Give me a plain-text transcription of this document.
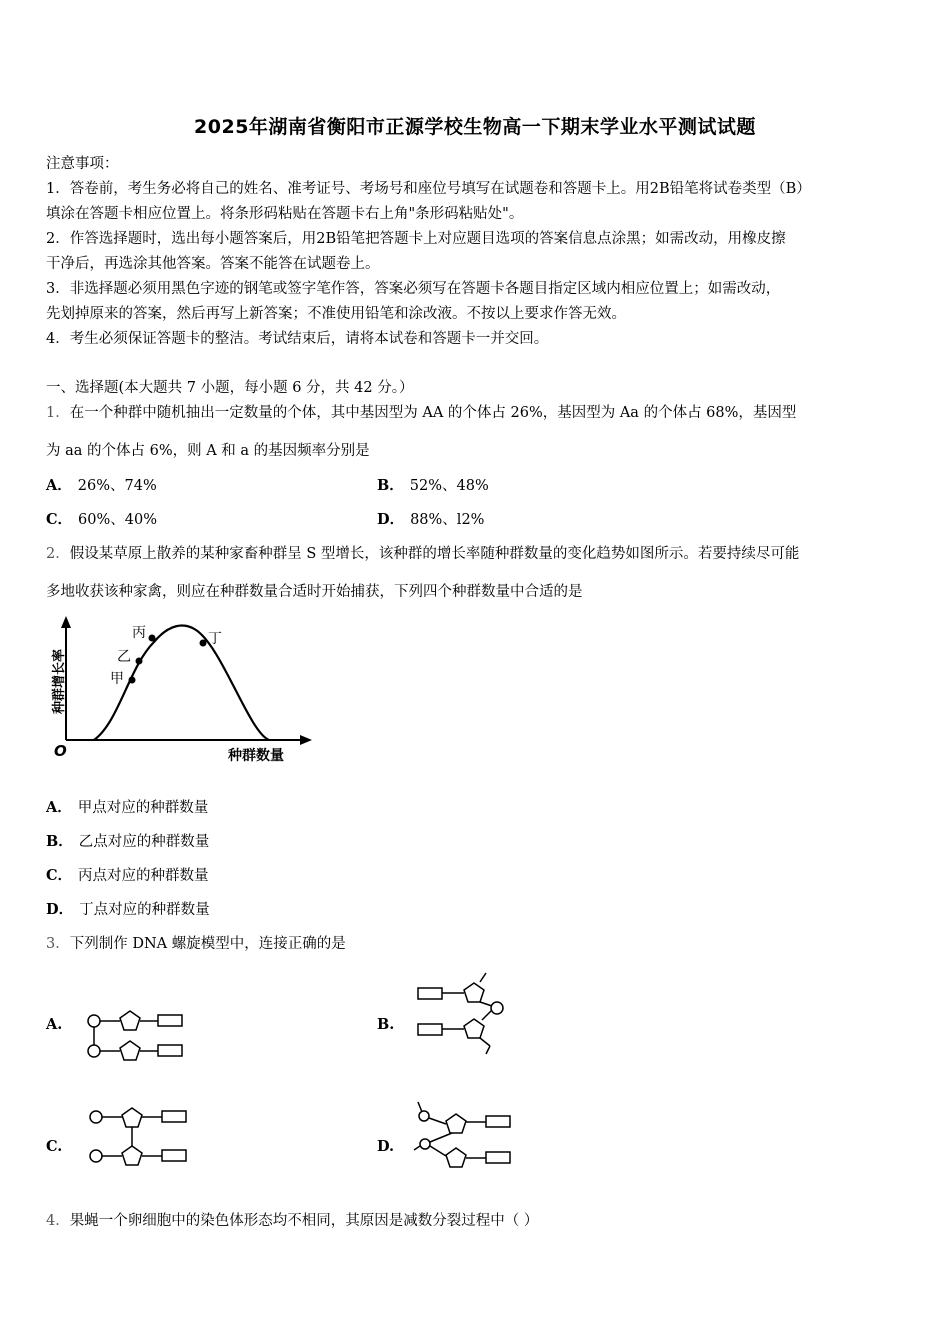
2025年湖南省衡阳市正源学校生物高一下期末学业水平测试试题

注意事项：

1．答卷前，考生务必将自己的姓名、准考证号、考场号和座位号填写在试题卷和答题卡上。用2B铅笔将试卷类型（B）

填涂在答题卡相应位置上。将条形码粘贴在答题卡右上角"条形码粘贴处"。

2．作答选择题时，选出每小题答案后，用2B铅笔把答题卡上对应题目选项的答案信息点涂黑；如需改动，用橡皮擦

干净后，再选涂其他答案。答案不能答在试题卷上。

3．非选择题必须用黑色字迹的钢笔或签字笔作答，答案必须写在答题卡各题目指定区域内相应位置上；如需改动，

先划掉原来的答案，然后再写上新答案；不准使用铅笔和涂改液。不按以上要求作答无效。

4．考生必须保证答题卡的整洁。考试结束后，请将本试卷和答题卡一并交回。

一、选择题(本大题共 7 小题，每小题 6 分，共 42 分。）
1．在一个种群中随机抽出一定数量的个体，其中基因型为 AA 的个体占 26%，基因型为 Aa 的个体占 68%，基因型
为 aa 的个体占 6%，则 A 和 a 的基因频率分别是
A． 26%、74%	B． 52%、48%
C． 60%、40%	D． 88%、l2%
2．假设某草原上散养的某种家畜种群呈 S 型增长，该种群的增长率随种群数量的变化趋势如图所示。若要持续尽可能
多地收获该种家禽，则应在种群数量合适时开始捕获，下列四个种群数量中合适的是
甲
乙
丙	丁
O	种群数量
种群增长率
A． 甲点对应的种群数量
B． 乙点对应的种群数量
C． 丙点对应的种群数量
D． 丁点对应的种群数量
3．下列制作 DNA 螺旋模型中，连接正确的是
A.	B.
C.	D.
4．果蝇一个卵细胞中的染色体形态均不相同，其原因是减数分裂过程中（ ）
